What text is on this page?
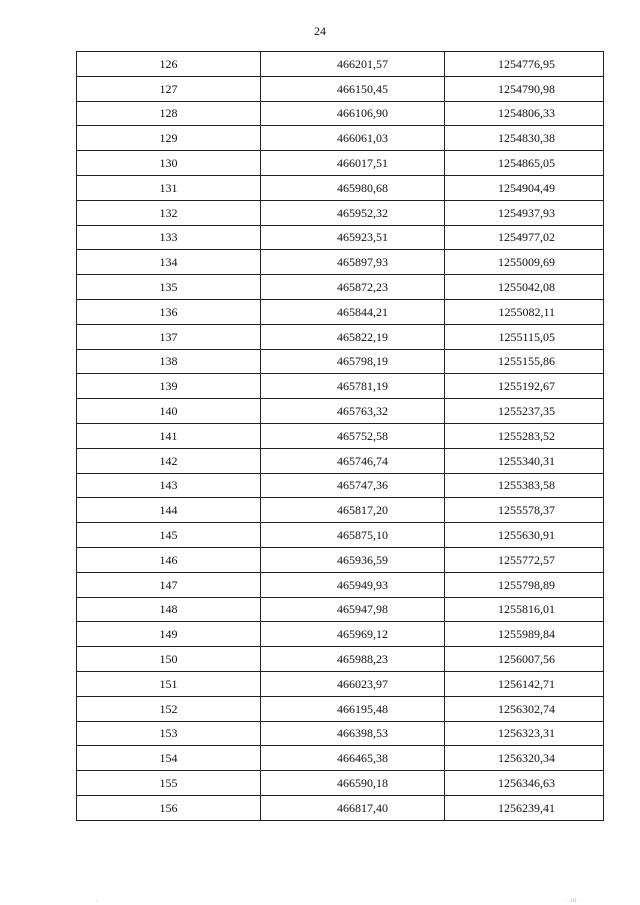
24
126	466201,57	1254776,95
127	466150,45	1254790,98
128	466106,90	1254806,33
129	466061,03	1254830,38
130	466017,51	1254865,05
131	465980,68	1254904,49
132	465952,32	1254937,93
133	465923,51	1254977,02
134	465897,93	1255009,69
135	465872,23	1255042,08
136	465844,21	1255082,11
137	465822,19	1255115,05
138	465798,19	1255155,86
139	465781,19	1255192,67
140	465763,32	1255237,35
141	465752,58	1255283,52
142	465746,74	1255340,31
143	465747,36	1255383,58
144	465817,20	1255578,37
145	465875,10	1255630,91
146	465936,59	1255772,57
147	465949,93	1255798,89
148	465947,98	1255816,01
149	465969,12	1255989,84
150	465988,23	1256007,56
151	466023,97	1256142,71
152	466195,48	1256302,74
153	466398,53	1256323,31
154	466465,38	1256320,34
155	466590,18	1256346,63
156	466817,40	1256239,41
-	· .ш ·
